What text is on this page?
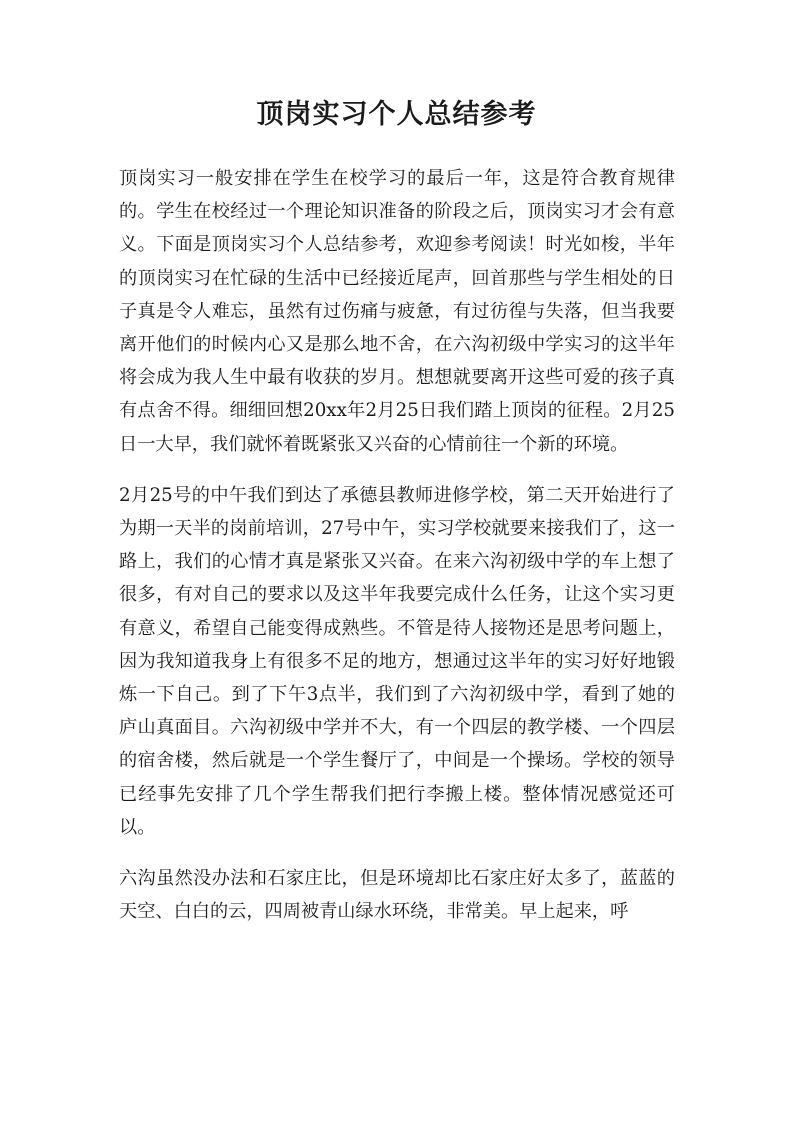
顶岗实习个人总结参考

顶岗实习一般安排在学生在校学习的最后一年，这是符合教育规律的。学生在校经过一个理论知识准备的阶段之后，顶岗实习才会有意义。下面是顶岗实习个人总结参考，欢迎参考阅读！时光如梭，半年的顶岗实习在忙碌的生活中已经接近尾声，回首那些与学生相处的日子真是令人难忘，虽然有过伤痛与疲惫，有过彷徨与失落，但当我要离开他们的时候内心又是那么地不舍，在六沟初级中学实习的这半年将会成为我人生中最有收获的岁月。想想就要离开这些可爱的孩子真有点舍不得。细细回想20xx年2月25日我们踏上顶岗的征程。2月25日一大早，我们就怀着既紧张又兴奋的心情前往一个新的环境。

2月25号的中午我们到达了承德县教师进修学校，第二天开始进行了为期一天半的岗前培训，27号中午，实习学校就要来接我们了，这一路上，我们的心情才真是紧张又兴奋。在来六沟初级中学的车上想了很多，有对自己的要求以及这半年我要完成什么任务，让这个实习更有意义，希望自己能变得成熟些。不管是待人接物还是思考问题上，因为我知道我身上有很多不足的地方，想通过这半年的实习好好地锻炼一下自己。到了下午3点半，我们到了六沟初级中学，看到了她的庐山真面目。六沟初级中学并不大，有一个四层的教学楼、一个四层的宿舍楼，然后就是一个学生餐厅了，中间是一个操场。学校的领导已经事先安排了几个学生帮我们把行李搬上楼。整体情况感觉还可以。

六沟虽然没办法和石家庄比，但是环境却比石家庄好太多了，蓝蓝的天空、白白的云，四周被青山绿水环绕，非常美。早上起来，呼
